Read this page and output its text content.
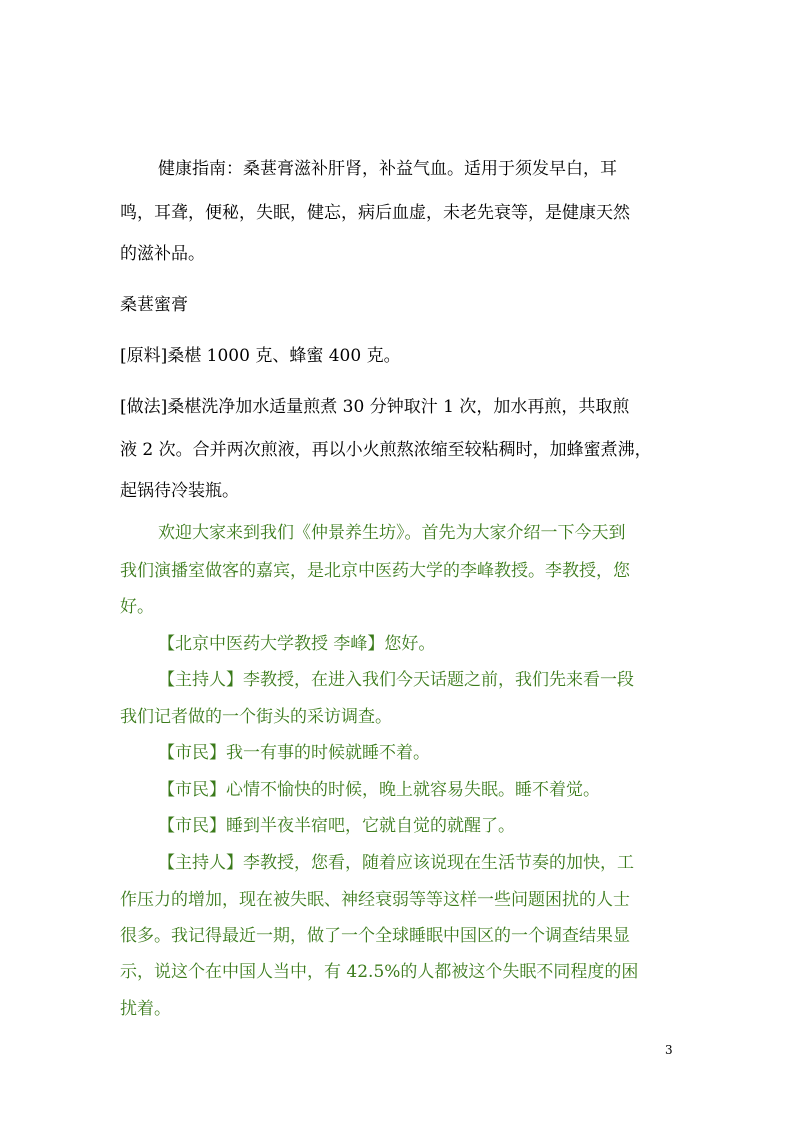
健康指南：桑葚膏滋补肝肾，补益气血。适用于须发早白，耳
鸣，耳聋，便秘，失眠，健忘，病后血虚，未老先衰等，是健康天然
的滋补品。
桑葚蜜膏
[原料]桑椹 1000 克、蜂蜜 400 克。
[做法]桑椹洗净加水适量煎煮 30 分钟取汁 1 次，加水再煎，共取煎
液 2 次。合并两次煎液，再以小火煎熬浓缩至较粘稠时，加蜂蜜煮沸，
起锅待冷装瓶。
欢迎大家来到我们《仲景养生坊》。首先为大家介绍一下今天到
我们演播室做客的嘉宾，是北京中医药大学的李峰教授。李教授，您
好。
【北京中医药大学教授 李峰】您好。
【主持人】李教授，在进入我们今天话题之前，我们先来看一段
我们记者做的一个街头的采访调查。
【市民】我一有事的时候就睡不着。
【市民】心情不愉快的时候，晚上就容易失眠。睡不着觉。
【市民】睡到半夜半宿吧，它就自觉的就醒了。
【主持人】李教授，您看，随着应该说现在生活节奏的加快，工
作压力的增加，现在被失眠、神经衰弱等等这样一些问题困扰的人士
很多。我记得最近一期，做了一个全球睡眠中国区的一个调查结果显
示，说这个在中国人当中，有 42.5%的人都被这个失眠不同程度的困
扰着。
3
